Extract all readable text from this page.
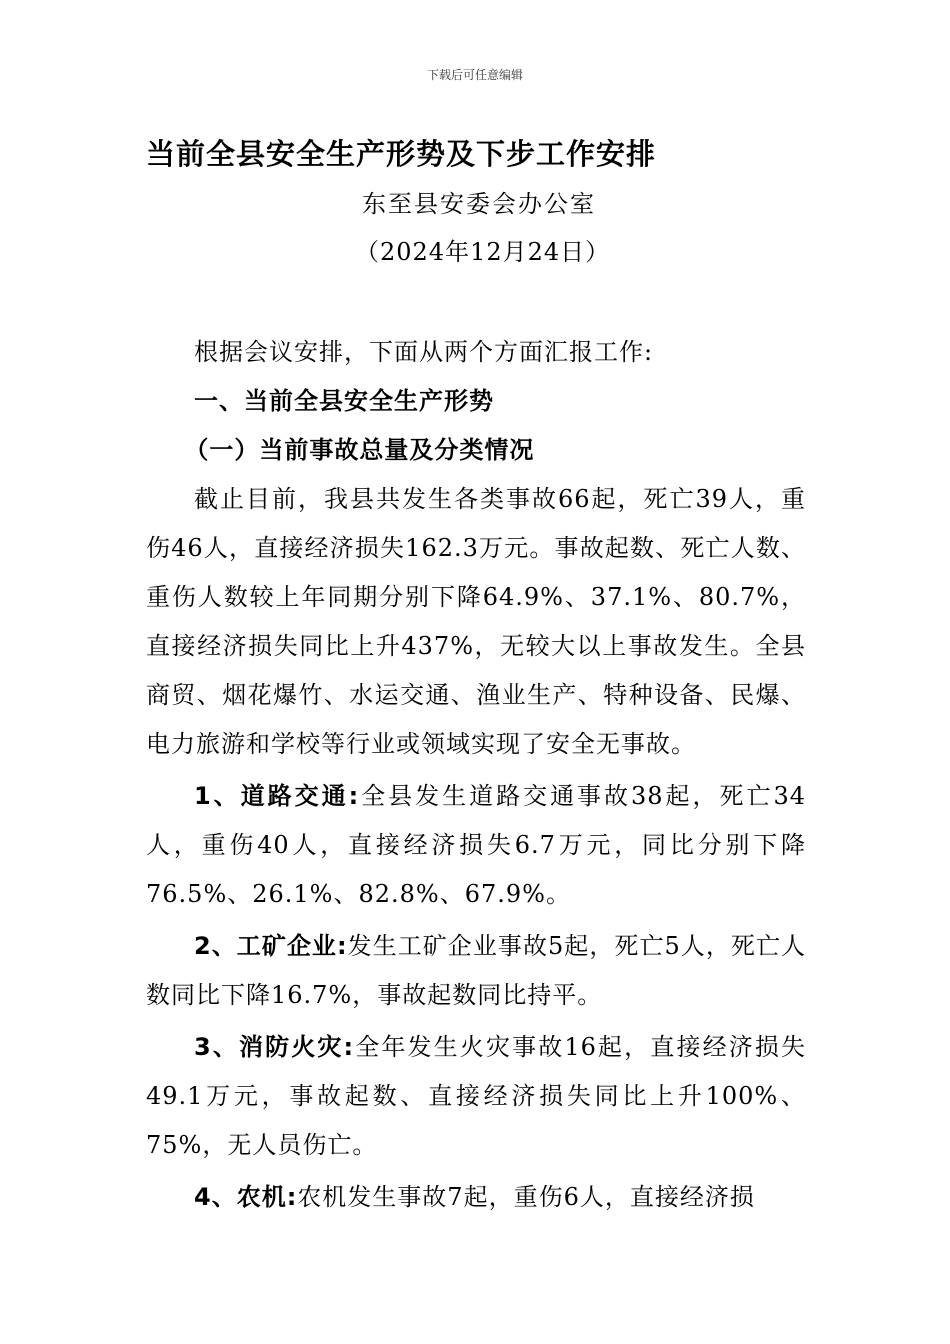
下载后可任意编辑
当前全县安全生产形势及下步工作安排
东至县安委会办公室
（2024年12月24日）

根据会议安排，下面从两个方面汇报工作:

一、当前全县安全生产形势

（一）当前事故总量及分类情况

截止目前，我县共发生各类事故66起，死亡39人，重伤46人，直接经济损失162.3万元。事故起数、死亡人数、重伤人数较上年同期分别下降64.9%、37.1%、80.7%，直接经济损失同比上升437%，无较大以上事故发生。全县商贸、烟花爆竹、水运交通、渔业生产、特种设备、民爆、电力旅游和学校等行业或领域实现了安全无事故。

1、道路交通:全县发生道路交通事故38起，死亡34人，重伤40人，直接经济损失6.7万元，同比分别下降76.5%、26.1%、82.8%、67.9%。

2、工矿企业:发生工矿企业事故5起，死亡5人，死亡人数同比下降16.7%，事故起数同比持平。

3、消防火灾:全年发生火灾事故16起，直接经济损失49.1万元，事故起数、直接经济损失同比上升100%、75%，无人员伤亡。

4、农机:农机发生事故7起，重伤6人，直接经济损
